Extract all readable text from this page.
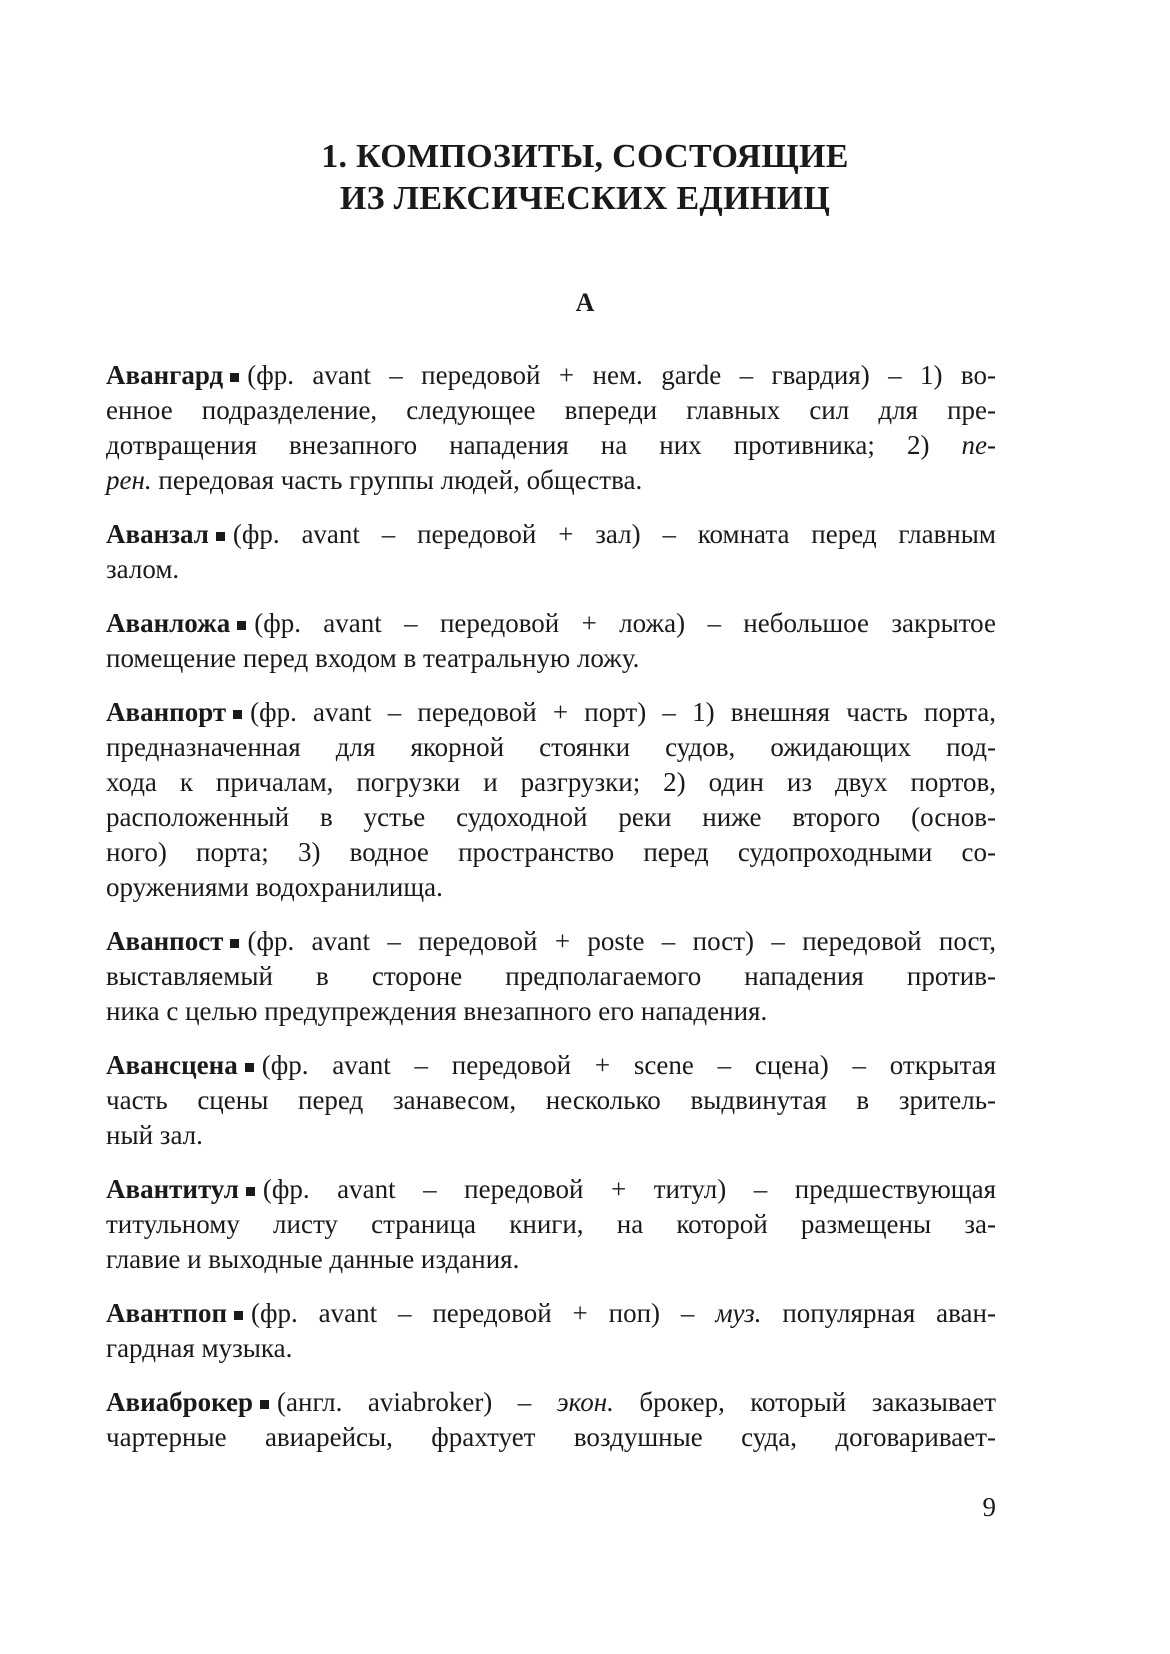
1. КОМПОЗИТЫ, СОСТОЯЩИЕ
ИЗ ЛЕКСИЧЕСКИХ ЕДИНИЦ
А

Авангард (фр. avant – передовой + нем. garde – гвардия) – 1) во-
енное подразделение, следующее впереди главных сил для пре-
дотвращения внезапного нападения на них противника; 2) пе-
рен. передовая часть группы людей, общества.

Аванзал (фр. avant – передовой + зал) – комната перед главным
залом.

Аванложа (фр. avant – передовой + ложа) – небольшое закрытое
помещение перед входом в театральную ложу.

Аванпорт (фр. avant – передовой + порт) – 1) внешняя часть порта,
предназначенная для якорной стоянки судов, ожидающих под-
хода к причалам, погрузки и разгрузки; 2) один из двух портов,
расположенный в устье судоходной реки ниже второго (основ-
ного) порта; 3) водное пространство перед судопроходными со-
оружениями водохранилища.

Аванпост (фр. avant – передовой + poste – пост) – передовой пост,
выставляемый в стороне предполагаемого нападения против-
ника с целью предупреждения внезапного его нападения.

Авансцена (фр. avant – передовой + scene – сцена) – открытая
часть сцены перед занавесом, несколько выдвинутая в зритель-
ный зал.

Авантитул (фр. avant – передовой + титул) – предшествующая
титульному листу страница книги, на которой размещены за-
главие и выходные данные издания.

Авантпоп (фр. avant – передовой + поп) – муз. популярная аван-
гардная музыка.

Авиаброкер (англ. aviabroker) – экон. брокер, который заказывает
чартерные авиарейсы, фрахтует воздушные суда, договаривает-

9
